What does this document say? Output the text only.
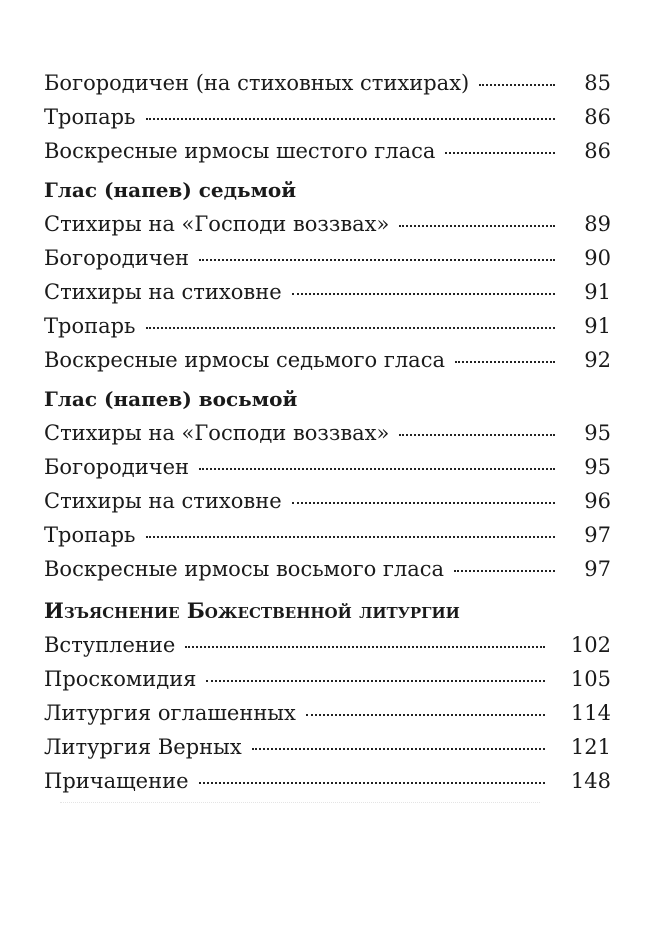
Богородичен (на стиховных стихирах)	85
Тропарь	86
Воскресные ирмосы шестого гласа	86
Глас (напев) седьмой
Стихиры на «Господи воззвах»	89
Богородичен	90
Стихиры на стиховне	91
Тропарь	91
Воскресные ирмосы седьмого гласа	92
Глас (напев) восьмой
Стихиры на «Господи воззвах»	95
Богородичен	95
Стихиры на стиховне	96
Тропарь	97
Воскресные ирмосы восьмого гласа	97
Изъяснение Божественной литургии
Вступление	102
Проскомидия	105
Литургия оглашенных	114
Литургия Верных	121
Причащение	148
